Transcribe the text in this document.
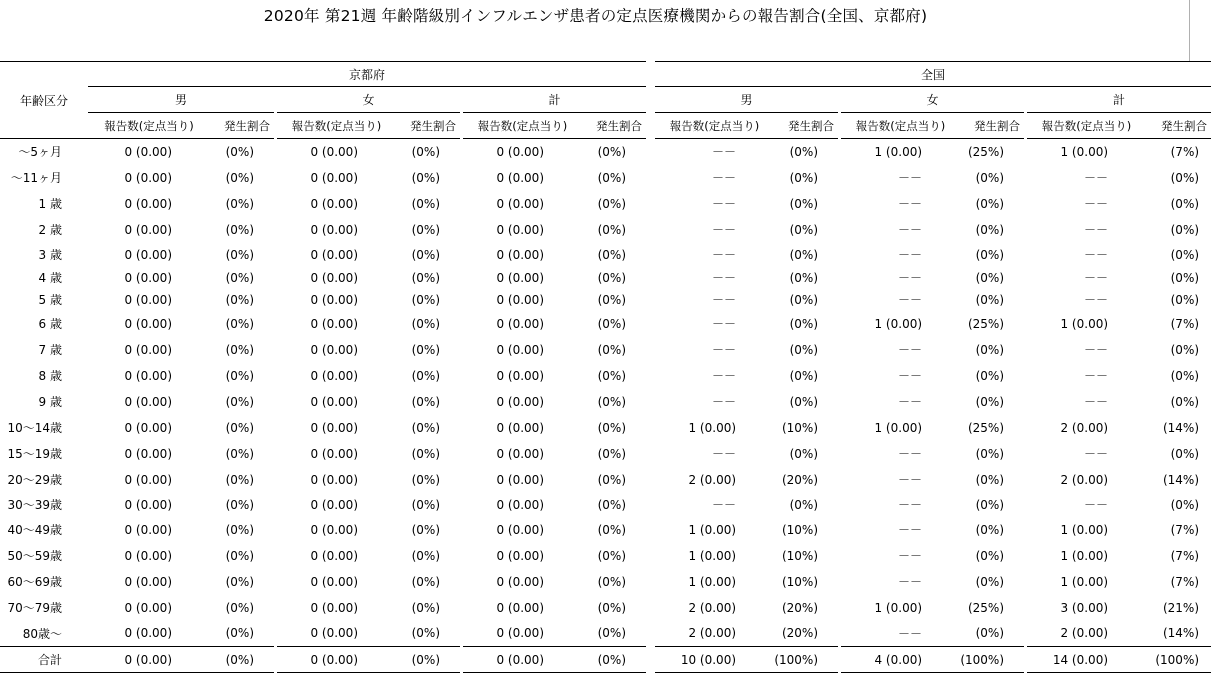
2020年 第21週 年齢階級別インフルエンザ患者の定点医療機関からの報告割合(全国、京都府)
年齢区分	京都府									全国							
	男			女			計			男			女			計	
	報告数(定点当り)	発生割合		報告数(定点当り)	発生割合		報告数(定点当り)	発生割合		報告数(定点当り)	発生割合		報告数(定点当り)	発生割合		報告数(定点当り)	発生割合
～5ヶ月	0 (0.00)	(0%)		0 (0.00)	(0%)		0 (0.00)	(0%)		－－	(0%)		1 (0.00)	(25%)		1 (0.00)	(7%)
～11ヶ月	0 (0.00)	(0%)		0 (0.00)	(0%)		0 (0.00)	(0%)		－－	(0%)		－－	(0%)		－－	(0%)
1 歳	0 (0.00)	(0%)		0 (0.00)	(0%)		0 (0.00)	(0%)		－－	(0%)		－－	(0%)		－－	(0%)
2 歳	0 (0.00)	(0%)		0 (0.00)	(0%)		0 (0.00)	(0%)		－－	(0%)		－－	(0%)		－－	(0%)
3 歳	0 (0.00)	(0%)		0 (0.00)	(0%)		0 (0.00)	(0%)		－－	(0%)		－－	(0%)		－－	(0%)
4 歳	0 (0.00)	(0%)		0 (0.00)	(0%)		0 (0.00)	(0%)		－－	(0%)		－－	(0%)		－－	(0%)
5 歳	0 (0.00)	(0%)		0 (0.00)	(0%)		0 (0.00)	(0%)		－－	(0%)		－－	(0%)		－－	(0%)
6 歳	0 (0.00)	(0%)		0 (0.00)	(0%)		0 (0.00)	(0%)		－－	(0%)		1 (0.00)	(25%)		1 (0.00)	(7%)
7 歳	0 (0.00)	(0%)		0 (0.00)	(0%)		0 (0.00)	(0%)		－－	(0%)		－－	(0%)		－－	(0%)
8 歳	0 (0.00)	(0%)		0 (0.00)	(0%)		0 (0.00)	(0%)		－－	(0%)		－－	(0%)		－－	(0%)
9 歳	0 (0.00)	(0%)		0 (0.00)	(0%)		0 (0.00)	(0%)		－－	(0%)		－－	(0%)		－－	(0%)
10～14歳	0 (0.00)	(0%)		0 (0.00)	(0%)		0 (0.00)	(0%)		1 (0.00)	(10%)		1 (0.00)	(25%)		2 (0.00)	(14%)
15～19歳	0 (0.00)	(0%)		0 (0.00)	(0%)		0 (0.00)	(0%)		－－	(0%)		－－	(0%)		－－	(0%)
20～29歳	0 (0.00)	(0%)		0 (0.00)	(0%)		0 (0.00)	(0%)		2 (0.00)	(20%)		－－	(0%)		2 (0.00)	(14%)
30～39歳	0 (0.00)	(0%)		0 (0.00)	(0%)		0 (0.00)	(0%)		－－	(0%)		－－	(0%)		－－	(0%)
40～49歳	0 (0.00)	(0%)		0 (0.00)	(0%)		0 (0.00)	(0%)		1 (0.00)	(10%)		－－	(0%)		1 (0.00)	(7%)
50～59歳	0 (0.00)	(0%)		0 (0.00)	(0%)		0 (0.00)	(0%)		1 (0.00)	(10%)		－－	(0%)		1 (0.00)	(7%)
60～69歳	0 (0.00)	(0%)		0 (0.00)	(0%)		0 (0.00)	(0%)		1 (0.00)	(10%)		－－	(0%)		1 (0.00)	(7%)
70～79歳	0 (0.00)	(0%)		0 (0.00)	(0%)		0 (0.00)	(0%)		2 (0.00)	(20%)		1 (0.00)	(25%)		3 (0.00)	(21%)
80歳～	0 (0.00)	(0%)		0 (0.00)	(0%)		0 (0.00)	(0%)		2 (0.00)	(20%)		－－	(0%)		2 (0.00)	(14%)
合計	0 (0.00)	(0%)		0 (0.00)	(0%)		0 (0.00)	(0%)		10 (0.00)	(100%)		4 (0.00)	(100%)		14 (0.00)	(100%)
